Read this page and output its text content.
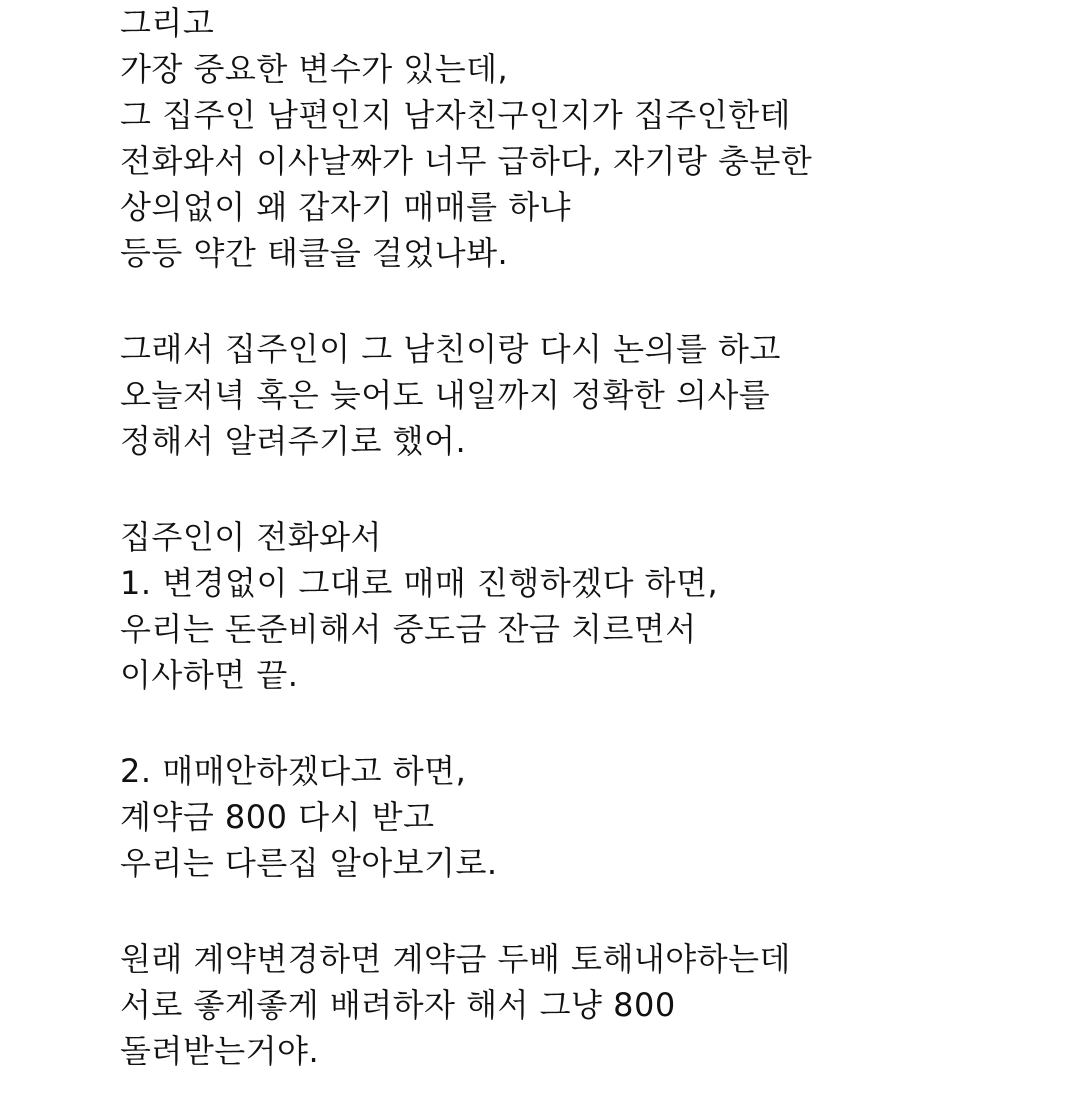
그리고
가장 중요한 변수가 있는데,
그 집주인 남편인지 남자친구인지가 집주인한테
전화와서 이사날짜가 너무 급하다, 자기랑 충분한
상의없이 왜 갑자기 매매를 하냐
등등 약간 태클을 걸었나봐.
그래서 집주인이 그 남친이랑 다시 논의를 하고
오늘저녁 혹은 늦어도 내일까지 정확한 의사를
정해서 알려주기로 했어.
집주인이 전화와서
1. 변경없이 그대로 매매 진행하겠다 하면,
우리는 돈준비해서 중도금 잔금 치르면서
이사하면 끝.
2. 매매안하겠다고 하면,
계약금 800 다시 받고
우리는 다른집 알아보기로.
원래 계약변경하면 계약금 두배 토해내야하는데
서로 좋게좋게 배려하자 해서 그냥 800
돌려받는거야.
